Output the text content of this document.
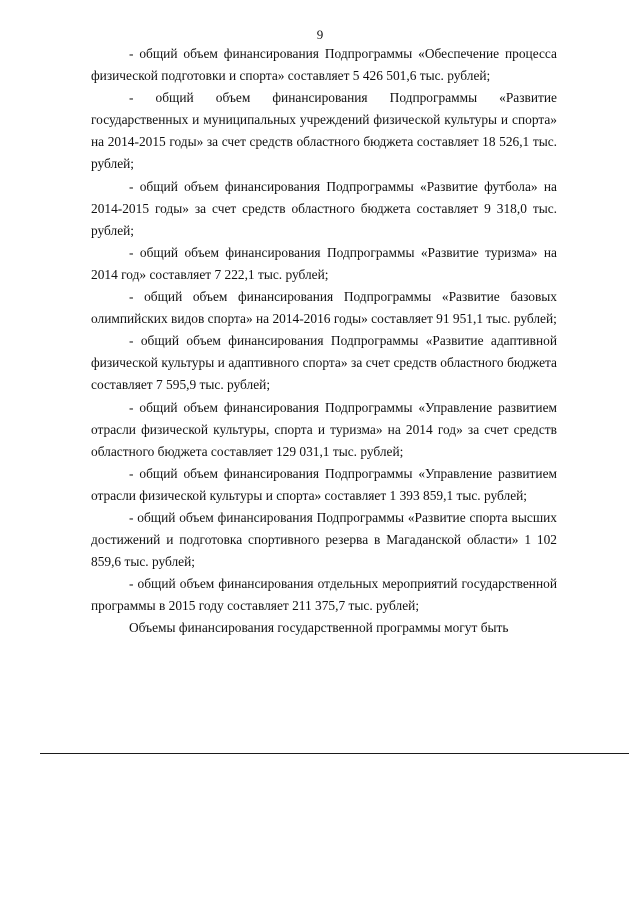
9

- общий объем финансирования Подпрограммы «Обеспечение процесса физической подготовки и спорта» составляет 5 426 501,6 тыс. рублей;

- общий объем финансирования Подпрограммы «Развитие государственных и муниципальных учреждений физической культуры и спорта» на 2014-2015 годы» за счет средств областного бюджета составляет 18 526,1 тыс. рублей;

- общий объем финансирования Подпрограммы «Развитие футбола» на 2014-2015 годы» за счет средств областного бюджета составляет 9 318,0 тыс. рублей;

- общий объем финансирования Подпрограммы «Развитие туризма» на 2014 год» составляет 7 222,1 тыс. рублей;

- общий объем финансирования Подпрограммы «Развитие базовых олимпийских видов спорта» на 2014-2016 годы» составляет 91 951,1 тыс. рублей;

- общий объем финансирования Подпрограммы «Развитие адаптивной физической культуры и адаптивного спорта» за счет средств областного бюджета составляет 7 595,9 тыс. рублей;

- общий объем финансирования Подпрограммы «Управление развитием отрасли физической культуры, спорта и туризма» на 2014 год» за счет средств областного бюджета составляет 129 031,1 тыс. рублей;

- общий объем финансирования Подпрограммы «Управление развитием отрасли физической культуры и спорта» составляет 1 393 859,1 тыс. рублей;

- общий объем финансирования Подпрограммы «Развитие спорта высших достижений и подготовка спортивного резерва в Магаданской области» 1 102 859,6 тыс. рублей;

- общий объем финансирования отдельных мероприятий государственной программы в 2015 году составляет 211 375,7 тыс. рублей;

Объемы финансирования государственной программы могут быть
